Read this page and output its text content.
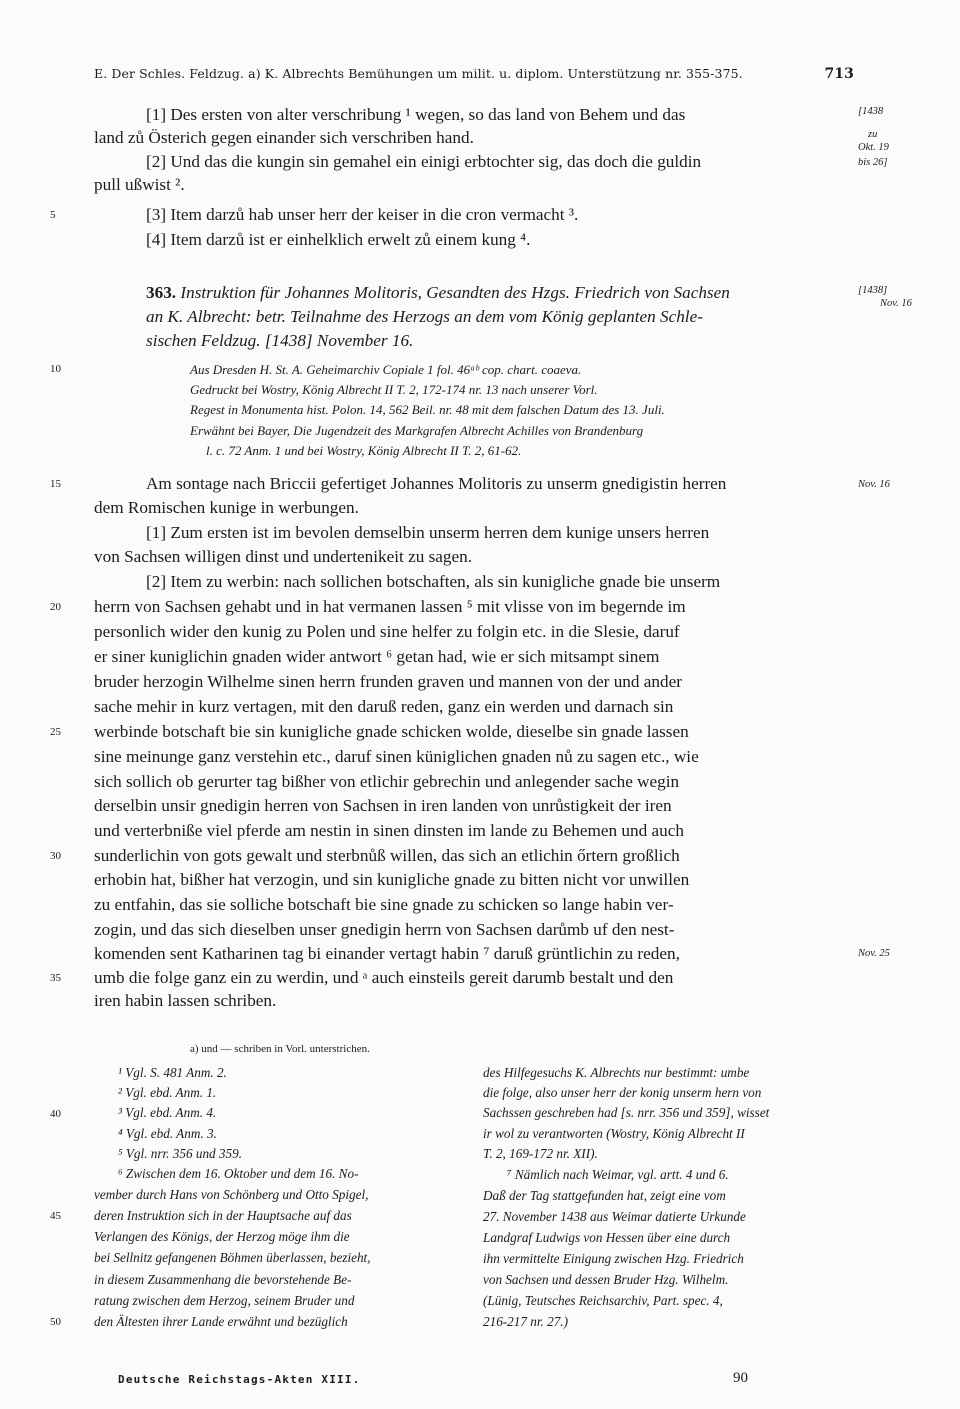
E. Der Schles. Feldzug. a) K. Albrechts Bemühungen um milit. u. diplom. Unterstützung nr. 355-375.	713
[1] Des ersten von alter verschribung ¹ wegen, so das land von Behem und das
land zů Österich gegen einander sich verschriben hand.
[2] Und das die kungin sin gemahel ein einigi erbtochter sig, das doch die guldin
pull ußwist ².
[3] Item darzů hab unser herr der keiser in die cron vermacht ³.
[4] Item darzů ist er einhelklich erwelt zů einem kung ⁴.
[1438
zu
Okt. 19
bis 26]
5
363. Instruktion für Johannes Molitoris, Gesandten des Hzgs. Friedrich von Sachsen
an K. Albrecht: betr. Teilnahme des Herzogs an dem vom König geplanten Schle-
sischen Feldzug. [1438] November 16.
[1438]
Nov. 16
10	Aus Dresden H. St. A. Geheimarchiv Copiale 1 fol. 46ᵃᵇ cop. chart. coaeva.
Gedruckt bei Wostry, König Albrecht II T. 2, 172-174 nr. 13 nach unserer Vorl.
Regest in Monumenta hist. Polon. 14, 562 Beil. nr. 48 mit dem falschen Datum des 13. Juli.
Erwähnt bei Bayer, Die Jugendzeit des Markgrafen Albrecht Achilles von Brandenburg
l. c. 72 Anm. 1 und bei Wostry, König Albrecht II T. 2, 61-62.
Am sontage nach Briccii gefertiget Johannes Molitoris zu unserm gnedigistin herren
dem Romischen kunige in werbungen.
[1] Zum ersten ist im bevolen demselbin unserm herren dem kunige unsers herren
von Sachsen willigen dinst und undertenikeit zu sagen.
[2] Item zu werbin: nach sollichen botschaften, als sin kunigliche gnade bie unserm
herrn von Sachsen gehabt und in hat vermanen lassen ⁵ mit vlisse von im begernde im
personlich wider den kunig zu Polen und sine helfer zu folgin etc. in die Slesie, daruf
er siner kuniglichin gnaden wider antwort ⁶ getan had, wie er sich mitsampt sinem
bruder herzogin Wilhelme sinen herrn frunden graven und mannen von der und ander
sache mehir in kurz vertagen, mit den daruß reden, ganz ein werden und darnach sin
werbinde botschaft bie sin kunigliche gnade schicken wolde, dieselbe sin gnade lassen
sine meinunge ganz verstehin etc., daruf sinen küniglichen gnaden nů zu sagen etc., wie
sich sollich ob gerurter tag bißher von etlichir gebrechin und anlegender sache wegin
derselbin unsir gnedigin herren von Sachsen in iren landen von unrůstigkeit der iren
und verterbniße viel pferde am nestin in sinen dinsten im lande zu Behemen und auch
sunderlichin von gots gewalt und sterbnůß willen, das sich an etlichin őrtern großlich
erhobin hat, bißher hat verzogin, und sin kunigliche gnade zu bitten nicht vor unwillen
zu entfahin, das sie solliche botschaft bie sine gnade zu schicken so lange habin ver-
zogin, und das sich dieselben unser gnedigin herrn von Sachsen darůmb uf den nest-
komenden sent Katharinen tag bi einander vertagt habin ⁷ daruß grüntlichin zu reden,
umb die folge ganz ein zu werdin, und ᵃ auch einsteils gereit darumb bestalt und den
iren habin lassen schriben.
Nov. 16
Nov. 25
15
20
25
30
35
a) und — schriben in Vorl. unterstrichen.
¹ Vgl. S. 481 Anm. 2.
² Vgl. ebd. Anm. 1.
³ Vgl. ebd. Anm. 4.
⁴ Vgl. ebd. Anm. 3.
⁵ Vgl. nrr. 356 und 359.
⁶ Zwischen dem 16. Oktober und dem 16. No-
vember durch Hans von Schönberg und Otto Spigel,
deren Instruktion sich in der Hauptsache auf das
Verlangen des Königs, der Herzog möge ihm die
bei Sellnitz gefangenen Böhmen überlassen, bezieht,
in diesem Zusammenhang die bevorstehende Be-
ratung zwischen dem Herzog, seinem Bruder und
den Ältesten ihrer Lande erwähnt und bezüglich
40
45
50
des Hilfegesuchs K. Albrechts nur bestimmt: umbe
die folge, also unser herr der konig unserm hern von
Sachssen geschreben had [s. nrr. 356 und 359], wisset
ir wol zu verantworten (Wostry, König Albrecht II
T. 2, 169-172 nr. XII).
⁷ Nämlich nach Weimar, vgl. artt. 4 und 6.
Daß der Tag stattgefunden hat, zeigt eine vom
27. November 1438 aus Weimar datierte Urkunde
Landgraf Ludwigs von Hessen über eine durch
ihn vermittelte Einigung zwischen Hzg. Friedrich
von Sachsen und dessen Bruder Hzg. Wilhelm.
(Lünig, Teutsches Reichsarchiv, Part. spec. 4,
216-217 nr. 27.)
Deutsche Reichstags-Akten XIII.	90
